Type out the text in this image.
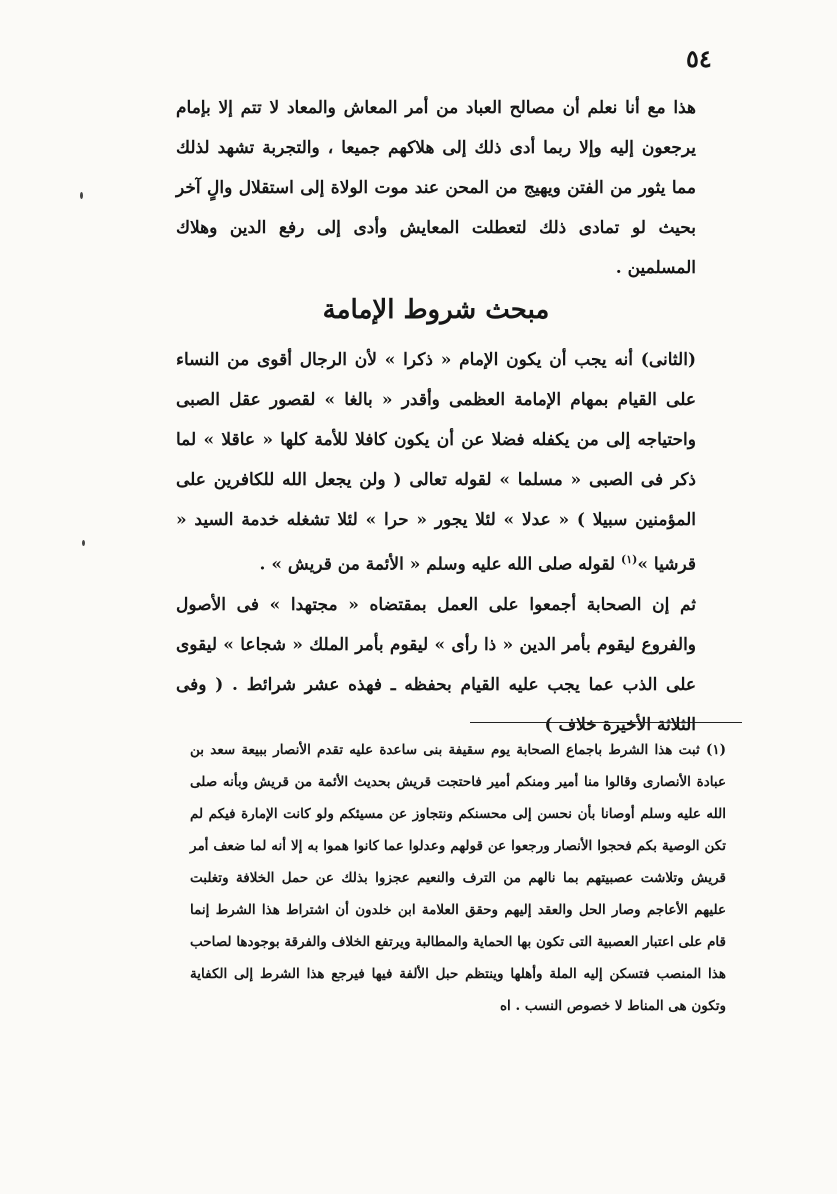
٥٤

هذا مع أنا نعلم أن مصالح العباد من أمر المعاش والمعاد لا تتم إلا بإمام يرجعون إليه وإلا ربما أدى ذلك إلى هلاكهم جميعا ، والتجربة تشهد لذلك مما يثور من الفتن ويهيج من المحن عند موت الولاة إلى استقلال والٍ آخر بحيث لو تمادى ذلك لتعطلت المعايش وأدى إلى رفع الدين وهلاك المسلمين .

مبحث شروط الإمامة

(الثانى) أنه يجب أن يكون الإمام « ذكرا » لأن الرجال أقوى من النساء على القيام بمهام الإمامة العظمى وأقدر « بالغا » لقصور عقل الصبى واحتياجه إلى من يكفله فضلا عن أن يكون كافلا للأمة كلها « عاقلا » لما ذكر فى الصبى « مسلما » لقوله تعالى ( ولن يجعل الله للكافرين على المؤمنين سبيلا ) « عدلا » لئلا يجور « حرا » لئلا تشغله خدمة السيد « قرشيا »$^{(١)}$ لقوله صلى الله عليه وسلم « الأئمة من قريش » .

ثم إن الصحابة أجمعوا على العمل بمقتضاه « مجتهدا » فى الأصول والفروع ليقوم بأمر الدين « ذا رأى » ليقوم بأمر الملك « شجاعا » ليقوى على الذب عما يجب عليه القيام بحفظه ـ فهذه عشر شرائط . ( وفى الثلاثة الأخيرة خلاف )

(١) ثبت هذا الشرط باجماع الصحابة يوم سقيفة بنى ساعدة عليه تقدم الأنصار ببيعة سعد بن عبادة الأنصارى وقالوا منا أمير ومنكم أمير فاحتجت قريش بحديث الأئمة من قريش وبأنه صلى الله عليه وسلم أوصانا بأن نحسن إلى محسنكم ونتجاوز عن مسيئكم ولو كانت الإمارة فيكم لم تكن الوصية بكم فحجوا الأنصار ورجعوا عن قولهم وعدلوا عما كانوا هموا به إلا أنه لما ضعف أمر قريش وتلاشت عصبيتهم بما نالهم من الترف والنعيم عجزوا بذلك عن حمل الخلافة وتغلبت عليهم الأعاجم وصار الحل والعقد إليهم وحقق العلامة ابن خلدون أن اشتراط هذا الشرط إنما قام على اعتبار العصبية التى تكون بها الحماية والمطالبة ويرتفع الخلاف والفرقة بوجودها لصاحب هذا المنصب فتسكن إليه الملة وأهلها وينتظم حبل الألفة فيها فيرجع هذا الشرط إلى الكفاية وتكون هى المناط لا خصوص النسب . اه
